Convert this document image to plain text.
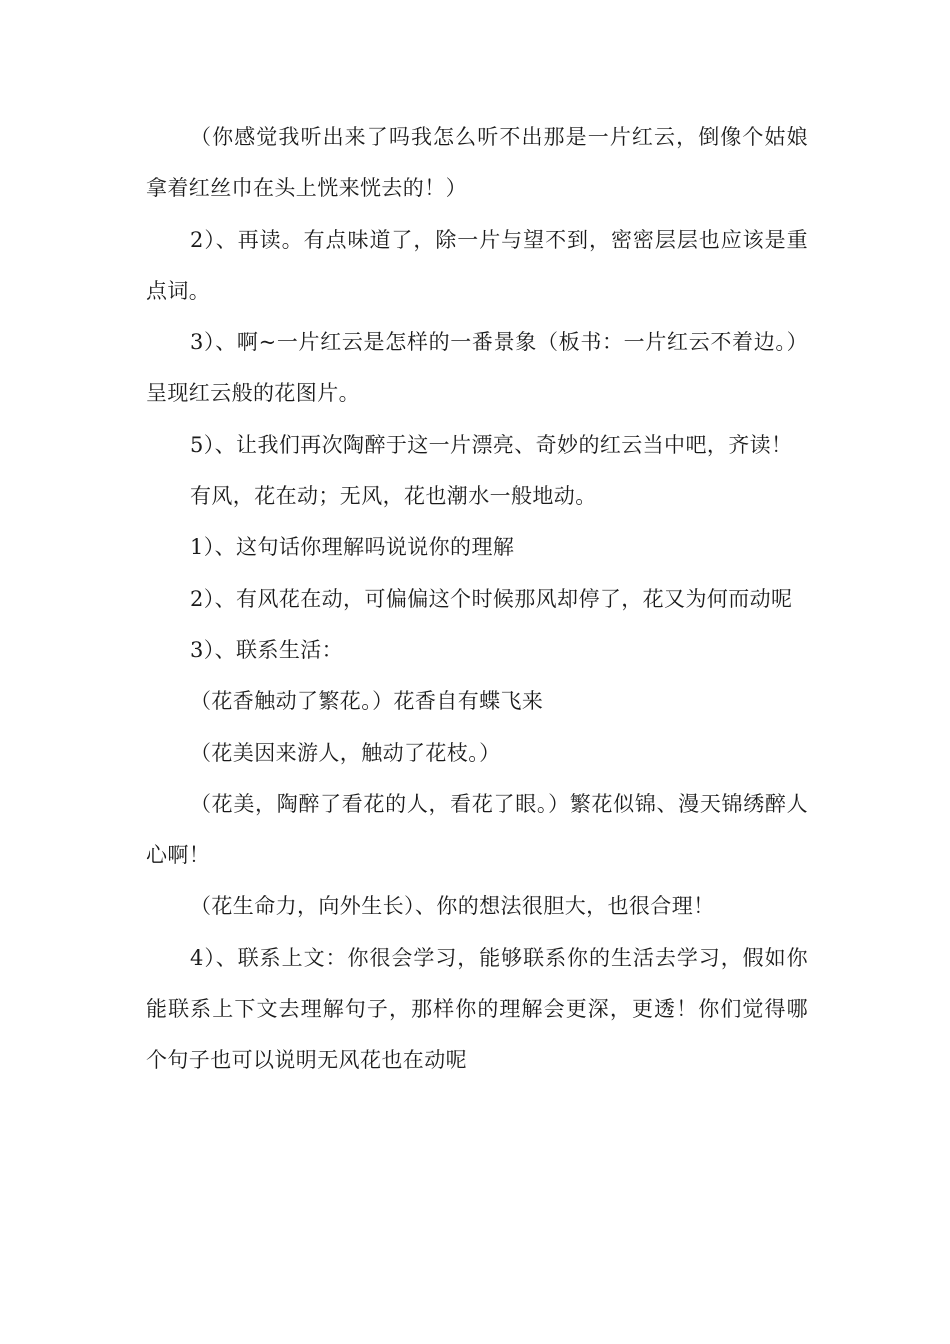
（你感觉我听出来了吗我怎么听不出那是一片红云，倒像个姑娘拿着红丝巾在头上恍来恍去的！）

2）、再读。有点味道了，除一片与望不到，密密层层也应该是重点词。

3）、啊~一片红云是怎样的一番景象（板书：一片红云不着边。）呈现红云般的花图片。

5）、让我们再次陶醉于这一片漂亮、奇妙的红云当中吧，齐读！

有风，花在动；无风，花也潮水一般地动。

1）、这句话你理解吗说说你的理解

2）、有风花在动，可偏偏这个时候那风却停了，花又为何而动呢

3）、联系生活：

（花香触动了繁花。）花香自有蝶飞来

（花美因来游人，触动了花枝。）

（花美，陶醉了看花的人，看花了眼。）繁花似锦、漫天锦绣醉人心啊！

（花生命力，向外生长）、你的想法很胆大，也很合理！

4）、联系上文：你很会学习，能够联系你的生活去学习，假如你能联系上下文去理解句子，那样你的理解会更深，更透！你们觉得哪个句子也可以说明无风花也在动呢
